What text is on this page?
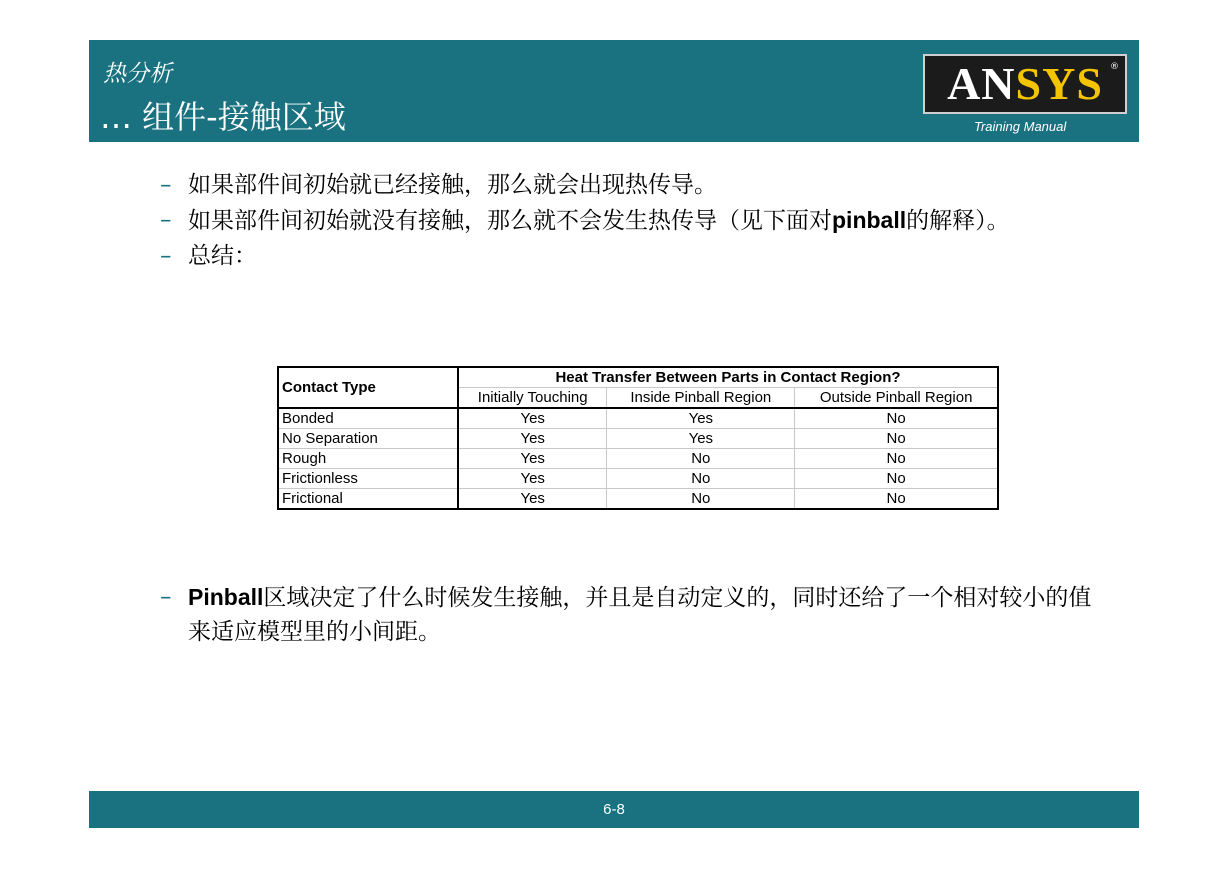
热分析
… 组件-接触区域
ANSYS ®
Training Manual

– 如果部件间初始就已经接触，那么就会出现热传导。

– 如果部件间初始就没有接触，那么就不会发生热传导（见下面对pinball的解释）。

– 总结：

Contact Type	Heat Transfer Between Parts in Contact Region?		
	Initially Touching	Inside Pinball Region	Outside Pinball Region
Bonded	Yes	Yes	No
No Separation	Yes	Yes	No
Rough	Yes	No	No
Frictionless	Yes	No	No
Frictional	Yes	No	No

– Pinball区域决定了什么时候发生接触，并且是自动定义的，同时还给了一个相对较小的值来适应模型里的小间距。

6-8
